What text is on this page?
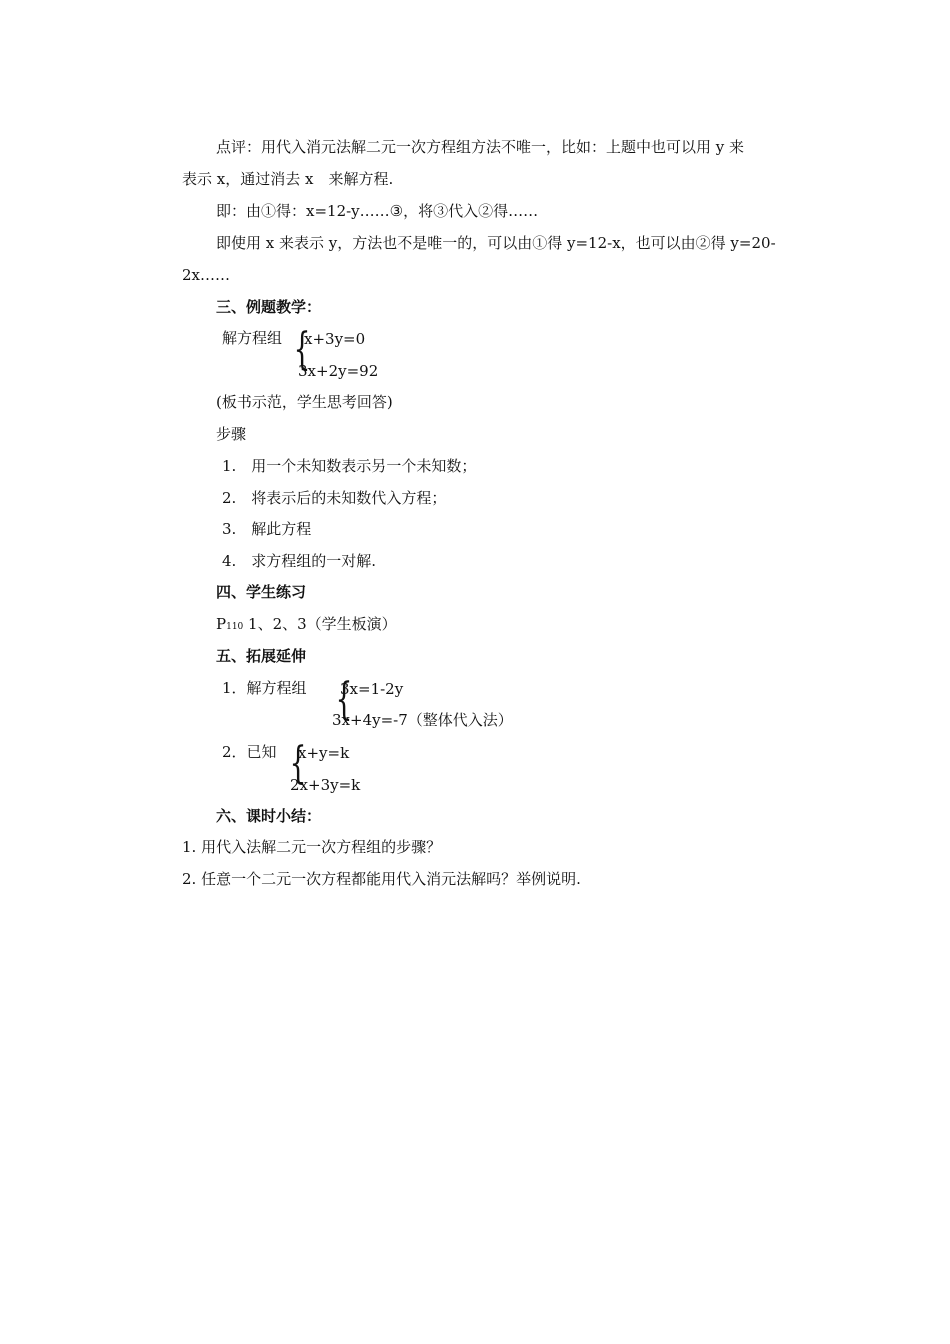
点评：用代入消元法解二元一次方程组方法不唯一，比如：上题中也可以用 y 来
表示 x，通过消去 x　来解方程.
即：由①得：x=12-y……③，将③代入②得……
即使用 x 来表示 y，方法也不是唯一的，可以由①得 y=12-x，也可以由②得 y=20-
2x……
三、例题教学：
解方程组 {
x+3y=0
3x+2y=92
(板书示范，学生思考回答)
步骤
1.　用一个未知数表示另一个未知数；
2.　将表示后的未知数代入方程；
3.　解此方程
4.　求方程组的一对解.
四、学生练习
P110 1、2、3（学生板演）
五、拓展延伸
1．解方程组 {
3x=1-2y
3x+4y=-7（整体代入法）
2．已知 {
x+y=k
2x+3y=k
六、课时小结：
1. 用代入法解二元一次方程组的步骤？
2. 任意一个二元一次方程都能用代入消元法解吗？举例说明.
